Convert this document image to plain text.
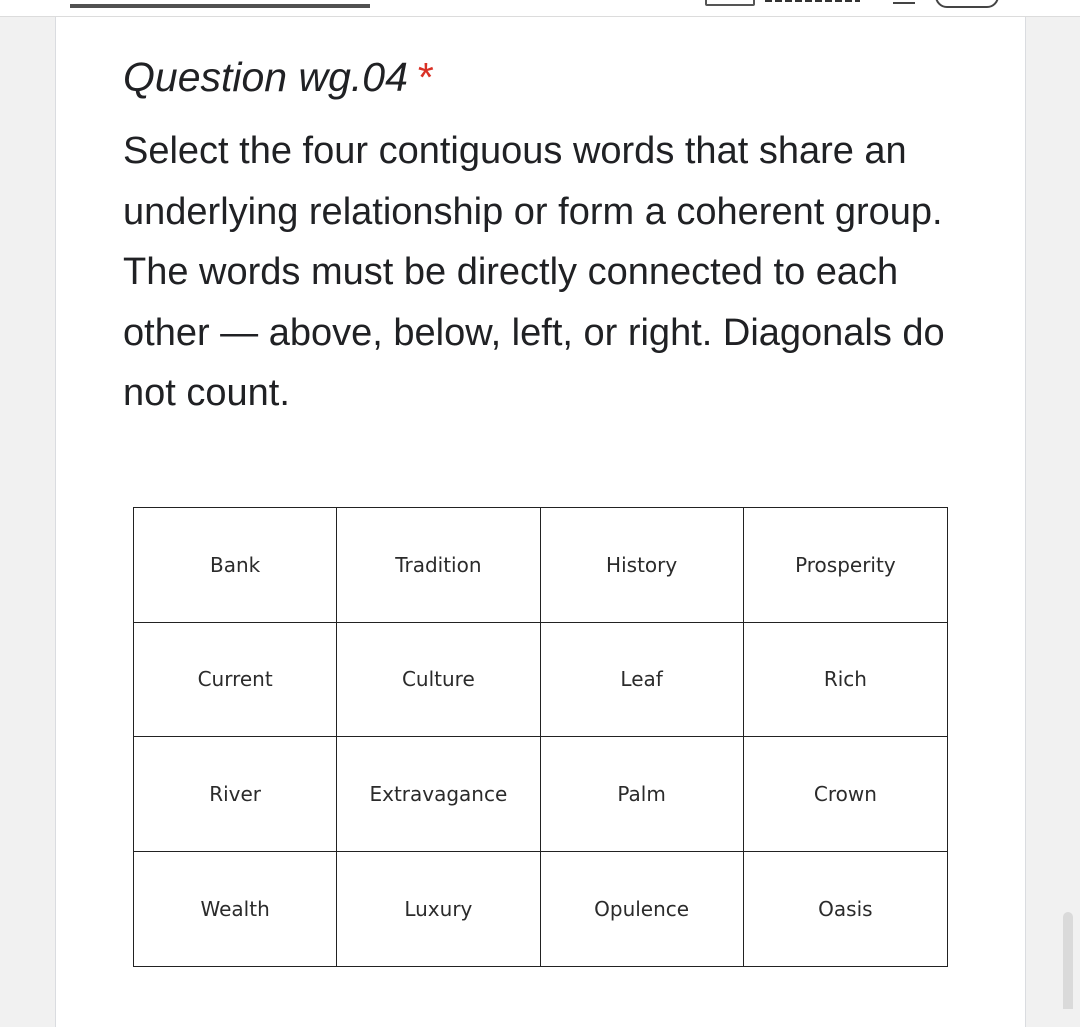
Question wg.04 *
Select the four contiguous words that share an underlying relationship or form a coherent group. The words must be directly connected to each other — above, below, left, or right. Diagonals do not count.
Bank	Tradition	History	Prosperity
Current	Culture	Leaf	Rich
River	Extravagance	Palm	Crown
Wealth	Luxury	Opulence	Oasis
